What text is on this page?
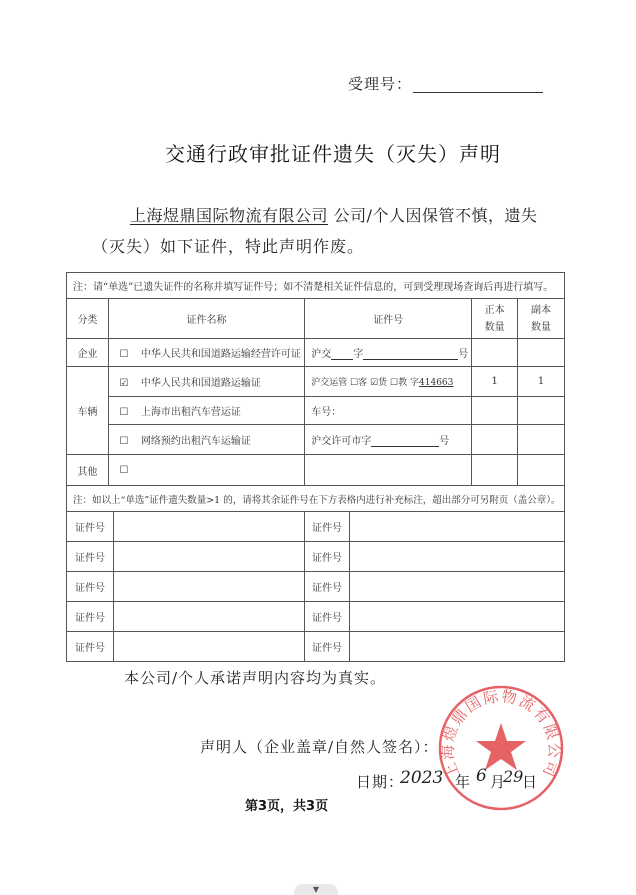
受理号：
交通行政审批证件遗失（灭失）声明
上海煜鼎国际物流有限公司 公司/个人因保管不慎，遗失
（灭失）如下证件，特此声明作废。
注：请“单选”已遗失证件的名称并填写证件号；如不清楚相关证件信息的，可到受理现场查询后再进行填写。				
分类	证件名称	证件号	正本数量	副本数量

企业	☐ 中华人民共和国道路运输经营许可证	沪交 字 号		
车辆	☑ 中华人民共和国道路运输证	沪交运管 ☐客 ☑货 ☐教 字414663	1	1
	☐ 上海市出租汽车营运证	车号：		
	☐ 网络预约出租汽车运输证	沪交许可市字 号		
其他	☐			
注：如以上“单选”证件遗失数量>1 的，请将其余证件号在下方表格内进行补充标注，超出部分可另附页（盖公章）。				
证件号		证件号	
证件号		证件号	
证件号		证件号	
证件号		证件号	
证件号		证件号	
本公司/个人承诺声明内容均为真实。
声明人（企业盖章/自然人签名）：
上海煜鼎国际物流有限公司
日期：
2023 年 6 月
29
日
第3页，共3页
▼
